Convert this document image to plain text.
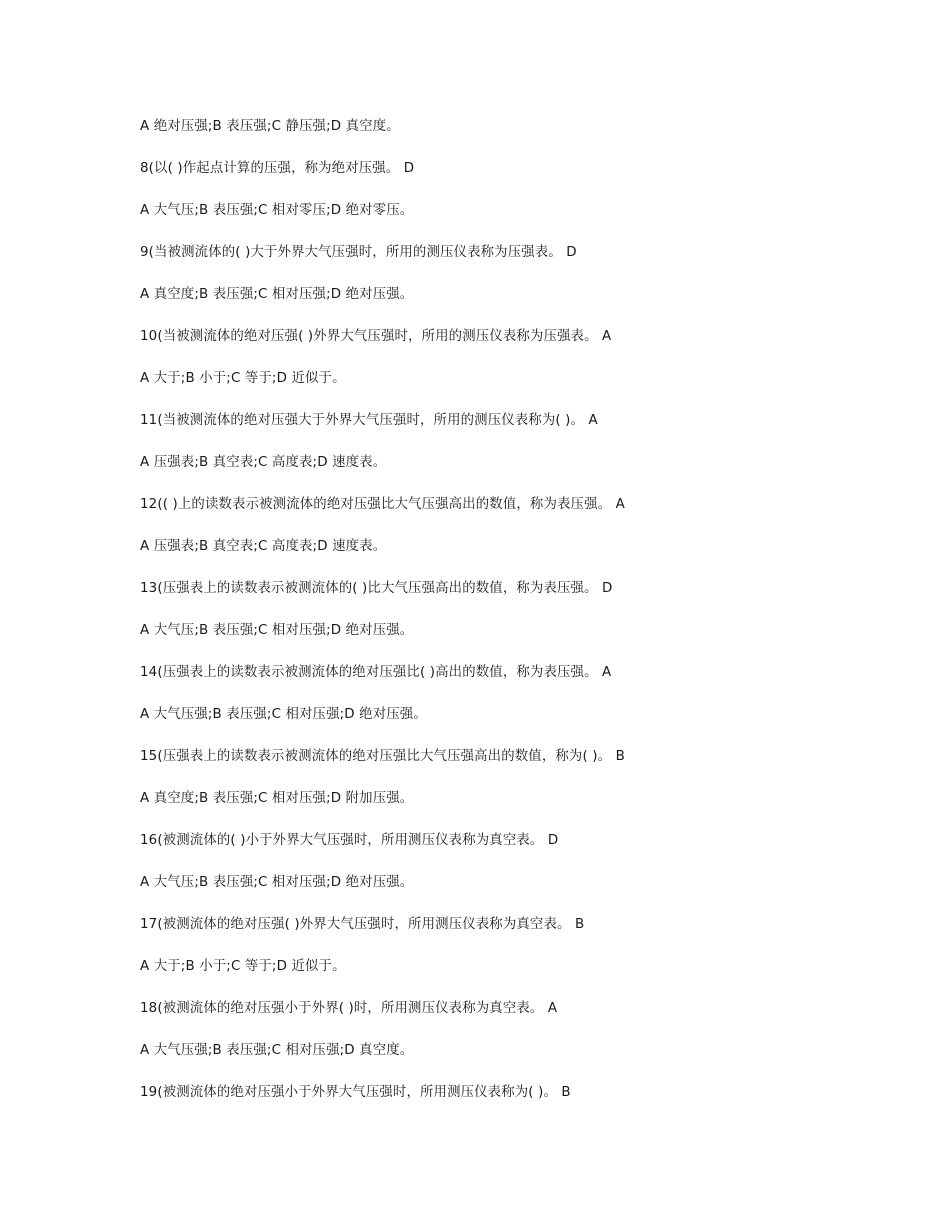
A 绝对压强;B 表压强;C 静压强;D 真空度。
8(以( )作起点计算的压强，称为绝对压强。 D
A 大气压;B 表压强;C 相对零压;D 绝对零压。
9(当被测流体的( )大于外界大气压强时，所用的测压仪表称为压强表。 D
A 真空度;B 表压强;C 相对压强;D 绝对压强。
10(当被测流体的绝对压强( )外界大气压强时，所用的测压仪表称为压强表。 A
A 大于;B 小于;C 等于;D 近似于。
11(当被测流体的绝对压强大于外界大气压强时，所用的测压仪表称为( )。 A
A 压强表;B 真空表;C 高度表;D 速度表。
12(( )上的读数表示被测流体的绝对压强比大气压强高出的数值，称为表压强。 A
A 压强表;B 真空表;C 高度表;D 速度表。
13(压强表上的读数表示被测流体的( )比大气压强高出的数值，称为表压强。 D
A 大气压;B 表压强;C 相对压强;D 绝对压强。
14(压强表上的读数表示被测流体的绝对压强比( )高出的数值，称为表压强。 A
A 大气压强;B 表压强;C 相对压强;D 绝对压强。
15(压强表上的读数表示被测流体的绝对压强比大气压强高出的数值，称为( )。 B
A 真空度;B 表压强;C 相对压强;D 附加压强。
16(被测流体的( )小于外界大气压强时，所用测压仪表称为真空表。 D
A 大气压;B 表压强;C 相对压强;D 绝对压强。
17(被测流体的绝对压强( )外界大气压强时，所用测压仪表称为真空表。 B
A 大于;B 小于;C 等于;D 近似于。
18(被测流体的绝对压强小于外界( )时，所用测压仪表称为真空表。 A
A 大气压强;B 表压强;C 相对压强;D 真空度。
19(被测流体的绝对压强小于外界大气压强时，所用测压仪表称为( )。 B
